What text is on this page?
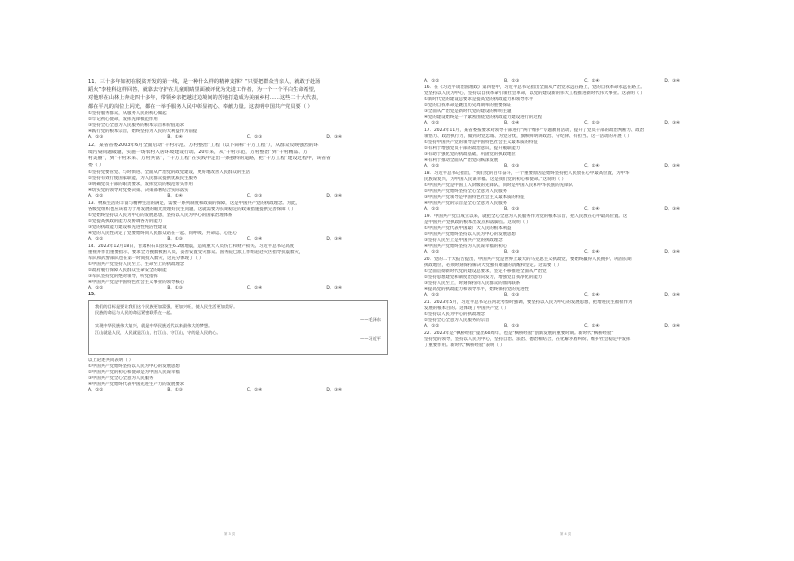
11．三十多年如初在脱贫开发的第一线，是一种什么样的精神支撑？“只要把群众当亲人，就敢于赴汤

蹈火”李桂科这样回答，就靠去守护在儿童眼睛里面被评优为先进工作者，为一个一个平白生命希望，

对他形在山林上奔走四十多年，带领乡亲把越过边境间的苦地打造成为美丽乡村……这些二十大代表，

都在平凡的岗位上闪光，都在一举手服务人民中彰显初心、奉献力量。这表明中国共产党员要（ ）

①坚持服务群众，从服务人民的初心做起

②牢记初心使命，发挥先锋模范作用

③坚持全心全意为人民服务的根本宗旨和价值追求

④践行党的根本宗旨，始终坚持为人民的大利益作为前提

A．①③	B．①④	C．②③	D．③④

12．某省省委2003年6月全面启动“千村示范、万村整治”工程（以下简称“千万工程”），从群众反映强烈的环

境污染问题破题，实施一场农村人居环境建设行动。20年来，从“千村示范，万村整治”到“千村精品、万

村美丽”，到“千村未来、万村共富”，“千万工程”在实践中走出一条独特的道路，把“千万工程”建设过程中，该省省

委（ ）

①坚持党要管党、与时俱进、全面从严治党的政党建设，更好地改善人民群众的生活

②坚持有效行使国家职能，为人民群众提供优质民生服务

③明确党员干部的职责要求，发挥党员的模范带头作用

④切实党的领导对党委决策、决策部署结合实际落实

A．①②	B．①④	C．②③	D．③④

13．物质生活的丰富与精神生活的满足，需要一系列制度和政策的保障，这是中国共产党的执政理念。为此，

各级党组织也应该着力于用发展的眼光处理好民生问题，这就需要为长期稳定的政策措施提供完善保障（ ）

①党始终坚持以人民为中心的发展思想，坚持以人民为中心的国家治理体系

②党提高执政的能力及协调各方的能力

③党的执政能力建设和先进性纯洁性建设

④党的人民性决定了党要始终同人民群众站在一起、同呼吸、共命运、心连心

A．①②	B．①③	C．②④	D．③④

14．2023年12月18日，甘肃积石山县发生6.2级地震，造成重大人员伤亡和财产损失。习近平总书记高度

重视并作出重要指示，要求全力搜救被困人员，妥善安置受灾群众。国务院已派工作组赶赴灾区指导抗震救灾，

军队和武警部队也在第一时间投入救灾，这充分体现了（ ）

①中国共产党坚持人民至上、生命至上的执政理念

②政府履行保障人民群众生命安全的职能

③军队坚持党的绝对领导，听党指挥

④中国共产党是中国特色社会主义事业的领导核心

A．①②	B．①③	C．②④	D．③④

15．

我们的目标是要让我们这个民族更加富强，更加兴旺，使人民生活更加美好。

民族的命运与人民的命运紧密联系在一起。

——毛泽东

实现中华民族伟大复兴，就是中华民族近代以来最伟大的梦想。

江山就是人民，人民就是江山，打江山、守江山，守的是人民的心。

——习近平

以上论述共同表明（ ）

①中国共产党始终坚持以人民为中心的发展思想

②中国共产党的初心和使命是为中国人民谋幸福

③中国共产党全心全意为人民服务

④中国共产党始终代表中国先进生产力的发展要求

A．①②	B．①③	C．②④	D．③④
A．①②	B．①③	C．②④	D．③④

16．在《习近平谈治国理政》第四卷中，习近平总书记指出全面从严治党永远在路上，党的自我革命永远在路上。

党坚持以人民为中心，坚持以自我革命引领社会革命，以党的建设新的伟大工程推进新时代伟大事业。这表明（ ）

①新时代党的建设总要求是提高党的执政能力和领导水平

②党的自我革命是跳出历史周期率的重要保证

③全面从严治党是新时代党的建设的鲜明主题

④党的建设始终是一个紧密围绕党的执政能力建设进行的过程

A．①②	B．①④	C．②③	D．③④

17．2023年11月，某省委按要求对领导干部进行“两个维护”专题教育活动，提升了党员干部的政治判断力、政治

领悟力、政治执行力，做到对党忠诚、为党分忧，旗帜鲜明讲政治、守纪律、有担当。这一活动的开展（ ）

①坚持中国共产党的领导是中国特色社会主义最本质的特征

②有利于增强党员干部的政治意识，提升履职能力

③有助于强化党的执政基础，巩固党的执政地位

④有利于推动全面从严治党向纵深发展

A．①②	B．①③	C．②④	D．③④

18．习近平总书记指出，“我们党的百年奋斗，一个重要原因是始终坚持把人民放在心中最高位置，为中华

民族谋复兴，为中国人民谋幸福。这是我们党的初心和使命。”这说明（ ）

①中国共产党是中国工人阶级的先锋队，同时是中国人民和中华民族的先锋队

②中国共产党始终坚持全心全意为人民服务

③中国共产党领导是中国特色社会主义最本质的特征

④中国共产党的宗旨是全心全意为人民服务

A．①②	B．①③	C．②④	D．③④

19．中国共产党自成立以来，就把全心全意为人民服务作为党的根本宗旨，把人民放在心中最高位置。这

是中国共产党执政的根本出发点和落脚点。这说明（ ）

①中国共产党代表中国最广大人民的根本利益

②中国共产党始终坚持以人民为中心的发展思想

③坚持人民至上是中国共产党的执政理念

④中国共产党始终坚持为人民谋幸福的初心

A．①②	B．①③	C．②④	D．③④

20．党的二十大报告提出，中国共产党是世界上最大的马克思主义执政党，要始终赢得人民拥护、巩固长期

执政地位，必须时刻保持解决大党独有难题的清醒和坚定。这需要（ ）

①全面贯彻新时代党的建设总要求，坚定不移推进全面从严治党

②坚持思想建党和制度治党同向发力，增强党自我净化的能力

③坚持人民至上，时刻保持同人民群众的血肉联系

④提高党的执政能力和领导水平，始终保持党的先进性

A．①②	B．①③	C．②④	D．③④

21．2023年5月，习近平总书记在河北考察时强调，要坚持以人民为中心的发展思想，把增进民生福祉作为

发展的根本目的。这体现了中国共产党（ ）

①坚持以人民为中心的执政理念

②坚持全心全意为人民服务的宗旨

A．①②	B．①③	C．②④	D．③④

22．2023年是“枫桥经验”提出60周年，也是“枫桥经验”创新发展的重要时期。新时代“枫桥经验”

坚持党的领导，坚持以人民为中心，坚持自治、法治、德治相结合，在化解矛盾纠纷、维护社会稳定中发挥

了重要作用。新时代“枫桥经验”表明（ ）

第 3 页	第 4 页
